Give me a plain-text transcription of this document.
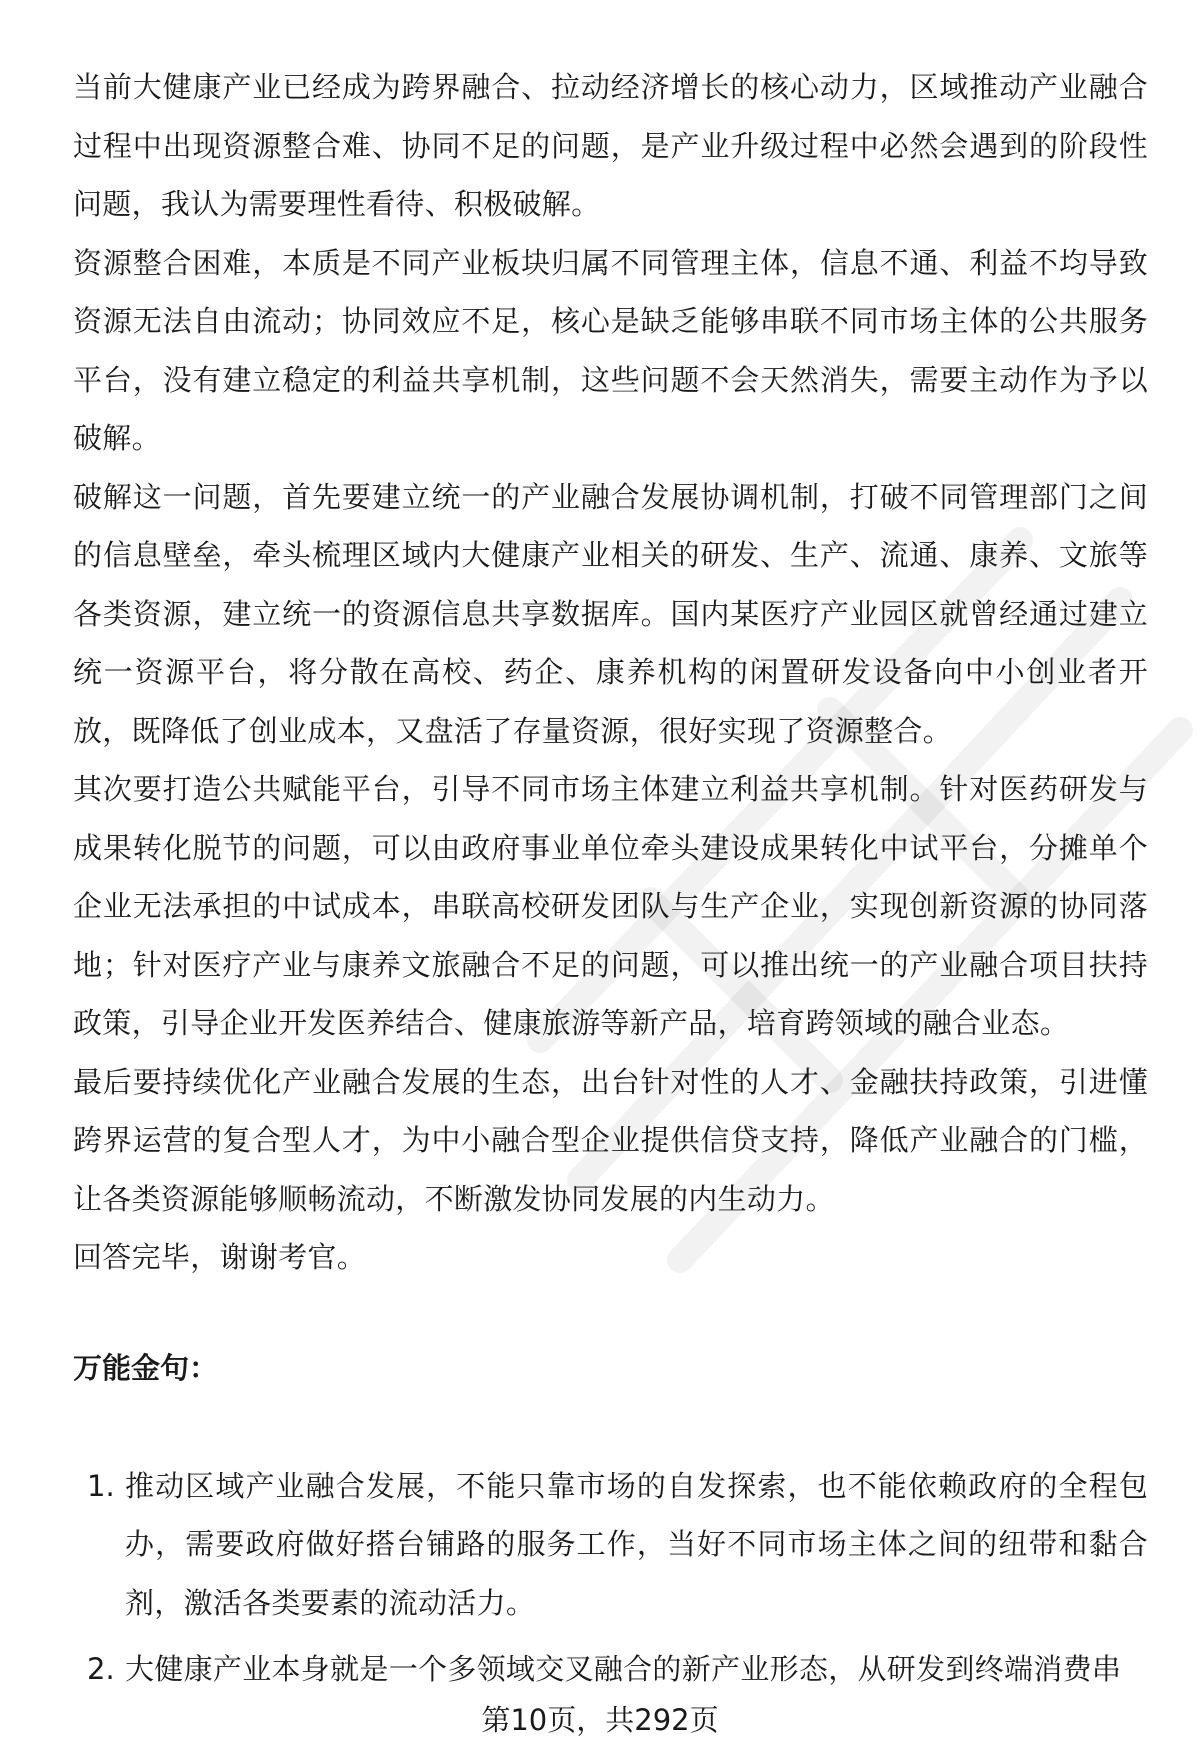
当前大健康产业已经成为跨界融合、拉动经济增长的核心动力，区域推动产业融合过程中出现资源整合难、协同不足的问题，是产业升级过程中必然会遇到的阶段性问题，我认为需要理性看待、积极破解。

资源整合困难，本质是不同产业板块归属不同管理主体，信息不通、利益不均导致资源无法自由流动；协同效应不足，核心是缺乏能够串联不同市场主体的公共服务平台，没有建立稳定的利益共享机制，这些问题不会天然消失，需要主动作为予以破解。

破解这一问题，首先要建立统一的产业融合发展协调机制，打破不同管理部门之间的信息壁垒，牵头梳理区域内大健康产业相关的研发、生产、流通、康养、文旅等各类资源，建立统一的资源信息共享数据库。国内某医疗产业园区就曾经通过建立统一资源平台，将分散在高校、药企、康养机构的闲置研发设备向中小创业者开放，既降低了创业成本，又盘活了存量资源，很好实现了资源整合。

其次要打造公共赋能平台，引导不同市场主体建立利益共享机制。针对医药研发与成果转化脱节的问题，可以由政府事业单位牵头建设成果转化中试平台，分摊单个企业无法承担的中试成本，串联高校研发团队与生产企业，实现创新资源的协同落地；针对医疗产业与康养文旅融合不足的问题，可以推出统一的产业融合项目扶持政策，引导企业开发医养结合、健康旅游等新产品，培育跨领域的融合业态。

最后要持续优化产业融合发展的生态，出台针对性的人才、金融扶持政策，引进懂跨界运营的复合型人才，为中小融合型企业提供信贷支持，降低产业融合的门槛，让各类资源能够顺畅流动，不断激发协同发展的内生动力。

回答完毕，谢谢考官。

万能金句：
1. 推动区域产业融合发展，不能只靠市场的自发探索，也不能依赖政府的全程包办，需要政府做好搭台铺路的服务工作，当好不同市场主体之间的纽带和黏合剂，激活各类要素的流动活力。
2. 大健康产业本身就是一个多领域交叉融合的新产业形态，从研发到终端消费串
第10页，共292页
